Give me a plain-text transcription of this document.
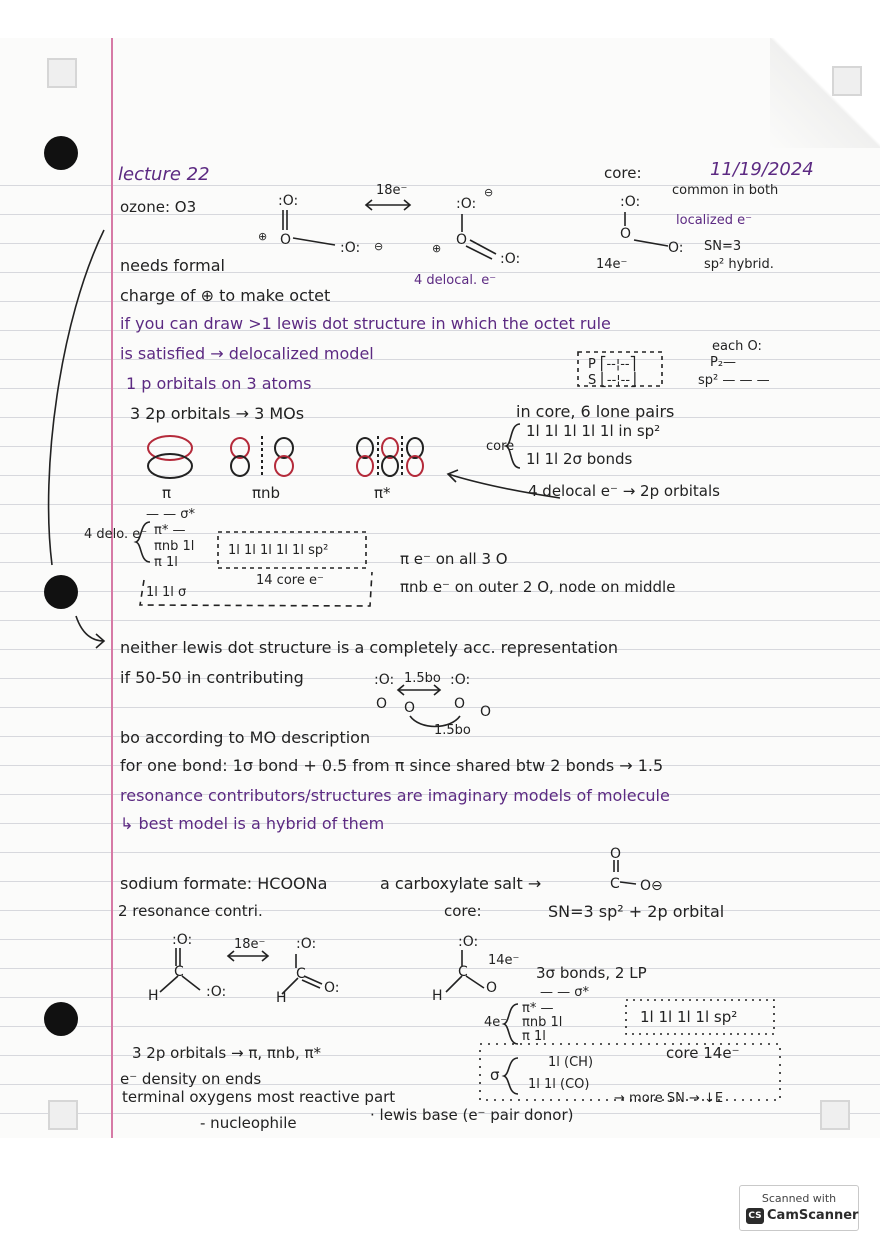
:O:
O
⊕
:O: ⊖
:O:
⊖
O
⊕
:O:
:O:
O
O:
:O:
C
H	:O:
:O:
C
H
O:
:O:
C
H	O
O
C O⊖
:O:
O O
:O:
O O
lecture 22
ozone: O3
core:	11/19/2024
18e⁻	common in both
localized e⁻
SN=3
sp² hybrid.
14e⁻
needs formal
4 delocal. e⁻
charge of ⊕ to make octet
if you can draw >1 lewis dot structure in which the octet rule
each O:
is satisfied → delocalized model
P ⎡--¦--⎤	P₂—
1 p orbitals on 3 atoms	S ⎣--¦--⎦	sp² — — —
3 2p orbitals → 3 MOs	in core, 6 lone pairs
core
1l 1l 1l 1l 1l in sp²
1l 1l 2σ bonds
π	πnb	π*	4 delocal e⁻ → 2p orbitals
— — σ*
4 delo. e⁻ π* —
πnb 1l
π 1l
1l 1l 1l 1l 1l sp²
14 core e⁻
1l 1l σ
π e⁻ on all 3 O
πnb e⁻ on outer 2 O, node on middle
neither lewis dot structure is a completely acc. representation
if 50-50 in contributing	1.5bo
1.5bo
bo according to MO description
for one bond: 1σ bond + 0.5 from π since shared btw 2 bonds → 1.5
resonance contributors/structures are imaginary models of molecule
↳ best model is a hybrid of them
sodium formate: HCOONa	a carboxylate salt →
2 resonance contri.	core:	SN=3 sp² + 2p orbital
18e⁻
14e⁻
3σ bonds, 2 LP
— — σ*
4e⁻
π* —
πnb 1l
π 1l
1l 1l 1l 1l sp²
core 14e⁻
σ
1l (CH)
1l 1l (CO)
→ more SN → ↓E
3 2p orbitals → π, πnb, π*
e⁻ density on ends
terminal oxygens most reactive part
- nucleophile	· lewis base (e⁻ pair donor)
Scanned with
CS CamScanner
